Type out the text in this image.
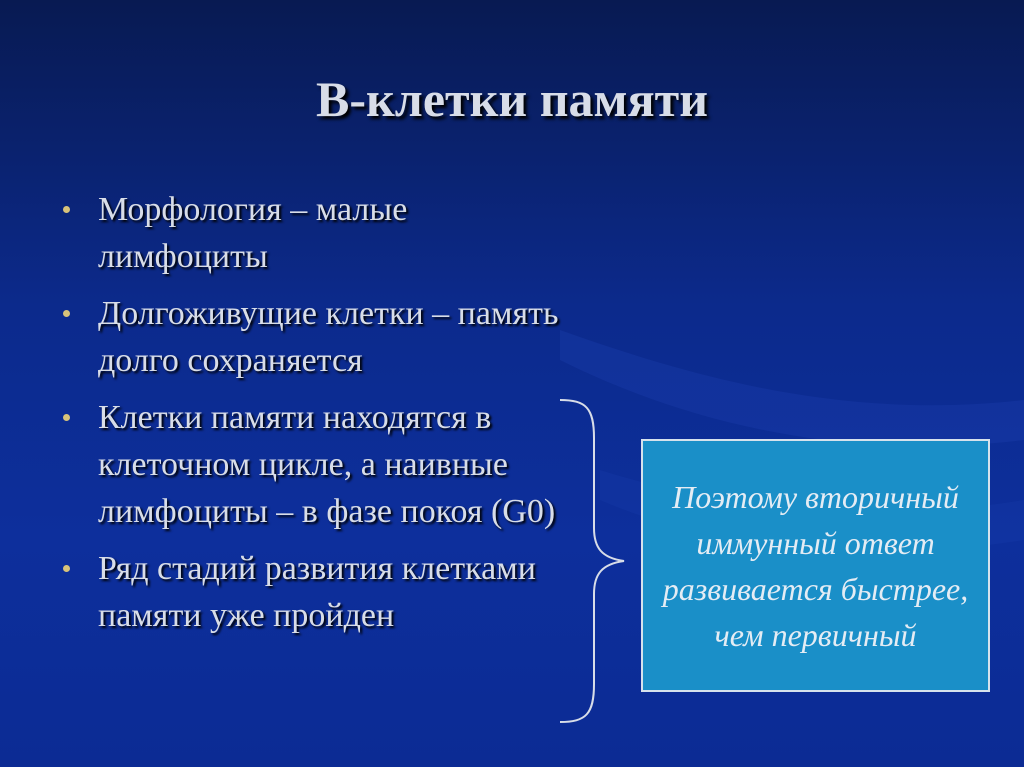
В-клетки памяти
Морфология – малые лимфоциты
Долгоживущие клетки – память долго сохраняется
Клетки памяти находятся в клеточном цикле, а наивные лимфоциты – в фазе покоя (G0)
Ряд стадий развития клетками памяти уже пройден
Поэтому вторичный иммунный ответ развивается быстрее, чем первичный
